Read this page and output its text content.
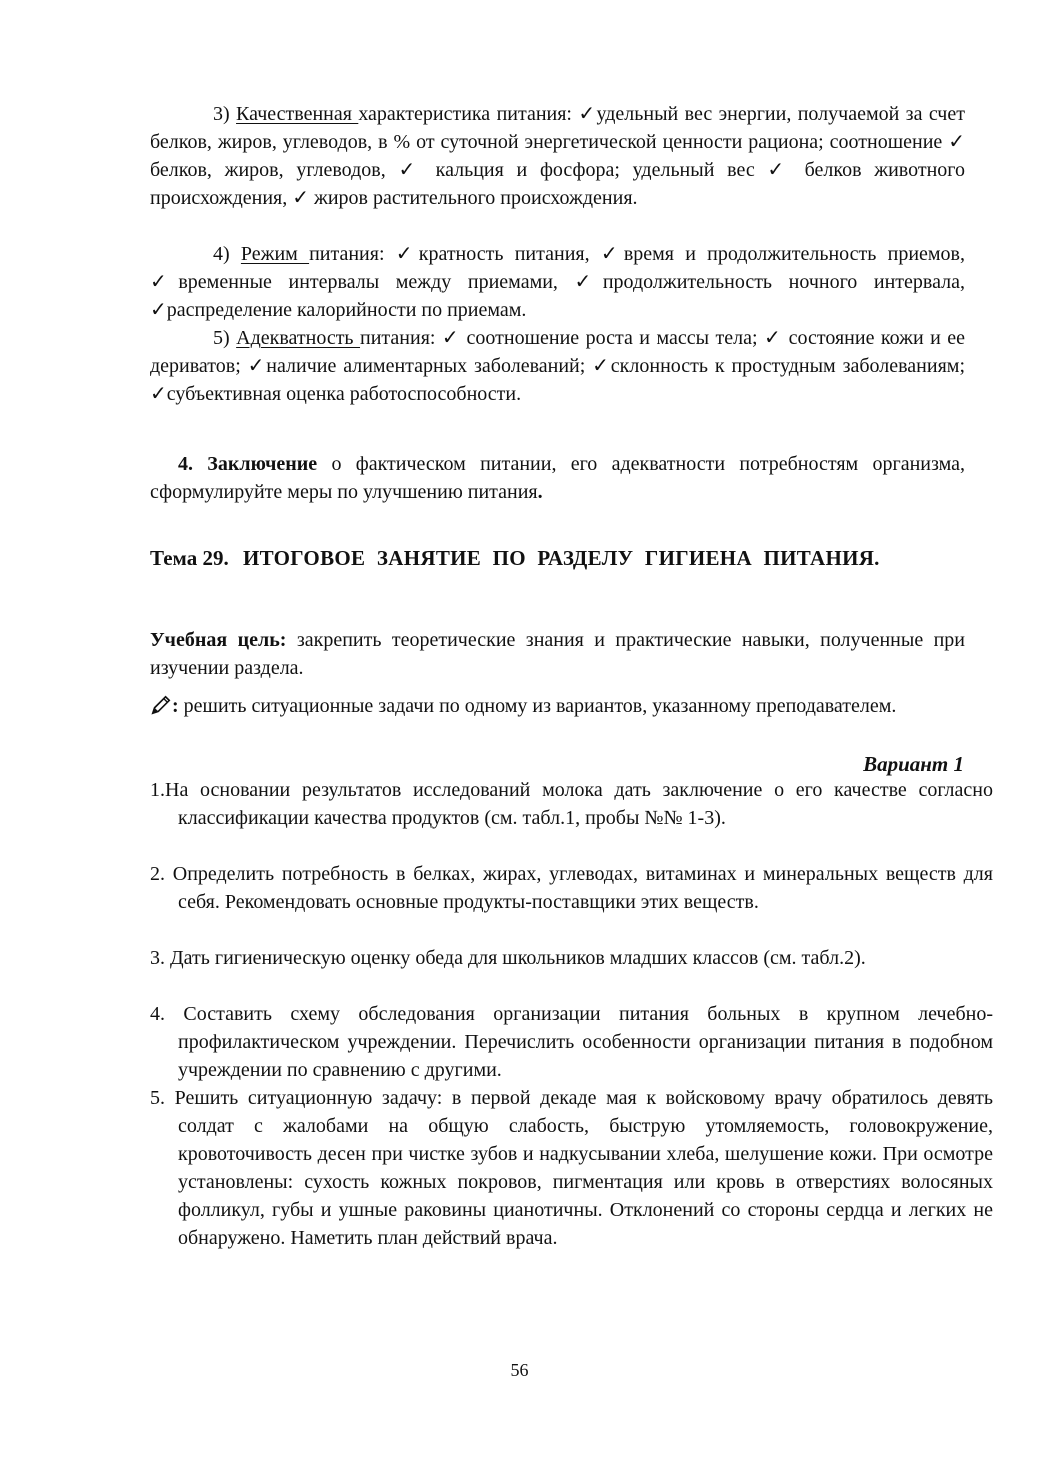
3) Качественная характеристика питания: ✓удельный вес энергии, получаемой за счет белков, жиров, углеводов, в % от суточной энергетической ценности рациона; соотношение ✓ белков, жиров, углеводов, ✓ кальция и фосфора; удельный вес ✓ белков животного происхождения, ✓ жиров растительного происхождения.

4) Режим питания: ✓кратность питания, ✓время и продолжительность приемов, ✓временные интервалы между приемами, ✓продолжительность ночного интервала, ✓распределение калорийности по приемам.

5) Адекватность питания: ✓ соотношение роста и массы тела; ✓ состояние кожи и ее дериватов; ✓наличие алиментарных заболеваний; ✓склонность к простудным заболеваниям; ✓субъективная оценка работоспособности.

4. Заключение о фактическом питании, его адекватности потребностям организма, сформулируйте меры по улучшению питания.

Тема 29. ИТОГОВОЕ ЗАНЯТИЕ ПО РАЗДЕЛУ ГИГИЕНА ПИТАНИЯ.

Учебная цель: закрепить теоретические знания и практические навыки, полученные при изучении раздела.

: решить ситуационные задачи по одному из вариантов, указанному преподавателем.

Вариант 1

1.На основании результатов исследований молока дать заключение о его качестве согласно классификации качества продуктов (см. табл.1, пробы №№ 1-3).

2. Определить потребность в белках, жирах, углеводах, витаминах и минеральных веществ для себя. Рекомендовать основные продукты-поставщики этих веществ.

3. Дать гигиеническую оценку обеда для школьников младших классов (см. табл.2).

4. Составить схему обследования организации питания больных в крупном лечебно-профилактическом учреждении. Перечислить особенности организации питания в подобном учреждении по сравнению с другими.

5. Решить ситуационную задачу: в первой декаде мая к войсковому врачу обратилось девять солдат с жалобами на общую слабость, быструю утомляемость, головокружение, кровоточивость десен при чистке зубов и надкусывании хлеба, шелушение кожи. При осмотре установлены: сухость кожных покровов, пигментация или кровь в отверстиях волосяных фолликул, губы и ушные раковины цианотичны. Отклонений со стороны сердца и легких не обнаружено. Наметить план действий врача.

56
